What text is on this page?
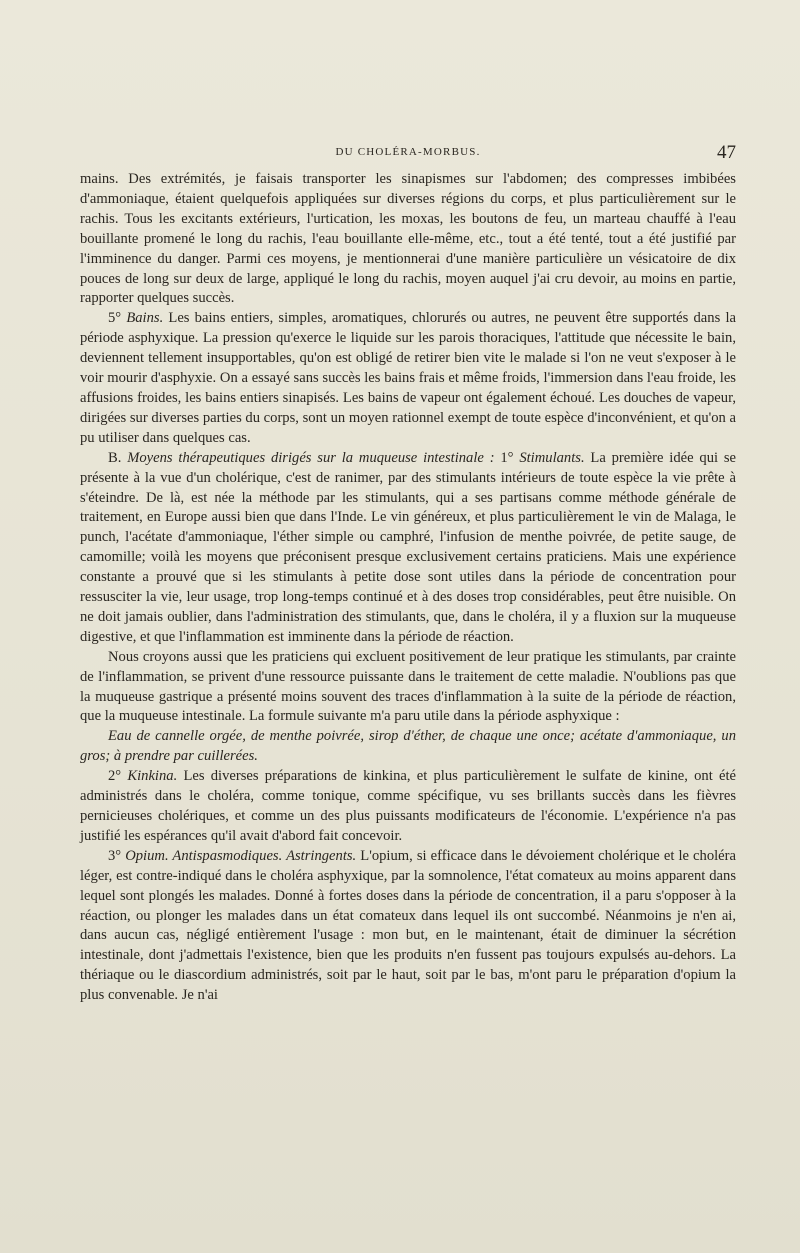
DU CHOLÉRA-MORBUS.	47

mains. Des extrémités, je faisais transporter les sinapismes sur l'abdomen; des compresses imbibées d'ammoniaque, étaient quelquefois appliquées sur diverses régions du corps, et plus particulièrement sur le rachis. Tous les excitants extérieurs, l'urtication, les moxas, les boutons de feu, un marteau chauffé à l'eau bouillante promené le long du rachis, l'eau bouillante elle-même, etc., tout a été tenté, tout a été justifié par l'imminence du danger. Parmi ces moyens, je mentionnerai d'une manière particulière un vésicatoire de dix pouces de long sur deux de large, appliqué le long du rachis, moyen auquel j'ai cru devoir, au moins en partie, rapporter quelques succès.

5° Bains. Les bains entiers, simples, aromatiques, chlorurés ou autres, ne peuvent être supportés dans la période asphyxique. La pression qu'exerce le liquide sur les parois thoraciques, l'attitude que nécessite le bain, deviennent tellement insupportables, qu'on est obligé de retirer bien vite le malade si l'on ne veut s'exposer à le voir mourir d'asphyxie. On a essayé sans succès les bains frais et même froids, l'immersion dans l'eau froide, les affusions froides, les bains entiers sinapisés. Les bains de vapeur ont également échoué. Les douches de vapeur, dirigées sur diverses parties du corps, sont un moyen rationnel exempt de toute espèce d'inconvénient, et qu'on a pu utiliser dans quelques cas.

B. Moyens thérapeutiques dirigés sur la muqueuse intestinale : 1° Stimulants. La première idée qui se présente à la vue d'un cholérique, c'est de ranimer, par des stimulants intérieurs de toute espèce la vie prête à s'éteindre. De là, est née la méthode par les stimulants, qui a ses partisans comme méthode générale de traitement, en Europe aussi bien que dans l'Inde. Le vin généreux, et plus particulièrement le vin de Malaga, le punch, l'acétate d'ammoniaque, l'éther simple ou camphré, l'infusion de menthe poivrée, de petite sauge, de camomille; voilà les moyens que préconisent presque exclusivement certains praticiens. Mais une expérience constante a prouvé que si les stimulants à petite dose sont utiles dans la période de concentration pour ressusciter la vie, leur usage, trop long-temps continué et à des doses trop considérables, peut être nuisible. On ne doit jamais oublier, dans l'administration des stimulants, que, dans le choléra, il y a fluxion sur la muqueuse digestive, et que l'inflammation est imminente dans la période de réaction.

Nous croyons aussi que les praticiens qui excluent positivement de leur pratique les stimulants, par crainte de l'inflammation, se privent d'une ressource puissante dans le traitement de cette maladie. N'oublions pas que la muqueuse gastrique a présenté moins souvent des traces d'inflammation à la suite de la période de réaction, que la muqueuse intestinale. La formule suivante m'a paru utile dans la période asphyxique :

Eau de cannelle orgée, de menthe poivrée, sirop d'éther, de chaque une once; acétate d'ammoniaque, un gros; à prendre par cuillerées.

2° Kinkina. Les diverses préparations de kinkina, et plus particulièrement le sulfate de kinine, ont été administrés dans le choléra, comme tonique, comme spécifique, vu ses brillants succès dans les fièvres pernicieuses cholériques, et comme un des plus puissants modificateurs de l'économie. L'expérience n'a pas justifié les espérances qu'il avait d'abord fait concevoir.

3° Opium. Antispasmodiques. Astringents. L'opium, si efficace dans le dévoiement cholérique et le choléra léger, est contre-indiqué dans le choléra asphyxique, par la somnolence, l'état comateux au moins apparent dans lequel sont plongés les malades. Donné à fortes doses dans la période de concentration, il a paru s'opposer à la réaction, ou plonger les malades dans un état comateux dans lequel ils ont succombé. Néanmoins je n'en ai, dans aucun cas, négligé entièrement l'usage : mon but, en le maintenant, était de diminuer la sécrétion intestinale, dont j'admettais l'existence, bien que les produits n'en fussent pas toujours expulsés au-dehors. La thériaque ou le diascordium administrés, soit par le haut, soit par le bas, m'ont paru le préparation d'opium la plus convenable. Je n'ai
